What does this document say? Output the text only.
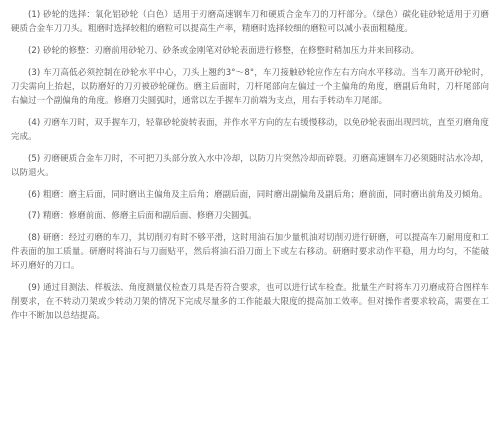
(1) 砂轮的选择：氧化铝砂轮（白色）适用于刃磨高速钢车刀和硬质合金车刀的刀杆部分。（绿色）碳化硅砂轮适用于刃磨硬质合金车刀刀头。粗磨时选择较粗的磨粒可以提高生产率，精磨时选择较细的磨粒可以减小表面粗糙度。

(2) 砂轮的修整：刃磨前用砂轮刀、砂条或金刚笔对砂轮表面进行修整，在修整时稍加压力并来回移动。

(3) 车刀高低必须控制在砂轮水平中心，刀头上翘约3°～8°，车刀接触砂轮应作左右方向水平移动。当车刀离开砂轮时，刀尖需向上抬起，以防磨好的刀刃被砂轮碰伤。磨主后面时，刀杆尾部向左偏过一个主偏角的角度，磨副后角时，刀杆尾部向右偏过一个副偏角的角度。修磨刀尖圆弧时，通常以左手握车刀前端为支点，用右手转动车刀尾部。

(4) 刃磨车刀时，双手握车刀，轻靠砂轮旋转表面，并作水平方向的左右缓慢移动，以免砂轮表面出现凹坑，直至刃磨角度完成。

(5) 刃磨硬质合金车刀时，不可把刀头部分放入水中冷却，以防刀片突然冷却而碎裂。刃磨高速钢车刀必须随时沾水冷却，以防退火。

(6) 粗磨：磨主后面，同时磨出主偏角及主后角；磨副后面，同时磨出副偏角及副后角；磨前面，同时磨出前角及刃倾角。

(7) 精磨：修磨前面、修磨主后面和副后面、修磨刀尖圆弧。

(8) 研磨：经过刃磨的车刀，其切削刃有时不够平滑，这时用油石加少量机油对切削刃进行研磨，可以提高车刀耐用度和工件表面的加工质量。研磨时将油石与刀面贴平，然后将油石沿刀面上下或左右移动。研磨时要求动作平稳，用力均匀，不能破坏刃磨好的刀口。

(9) 通过目测法、样板法、角度测量仪检查刀具是否符合要求，也可以进行试车检查。批量生产时将车刀刃磨成符合图样车削要求，在不转动刀架或少转动刀架的情况下完成尽量多的工作能最大限度的提高加工效率。但对操作者要求较高，需要在工作中不断加以总结提高。
